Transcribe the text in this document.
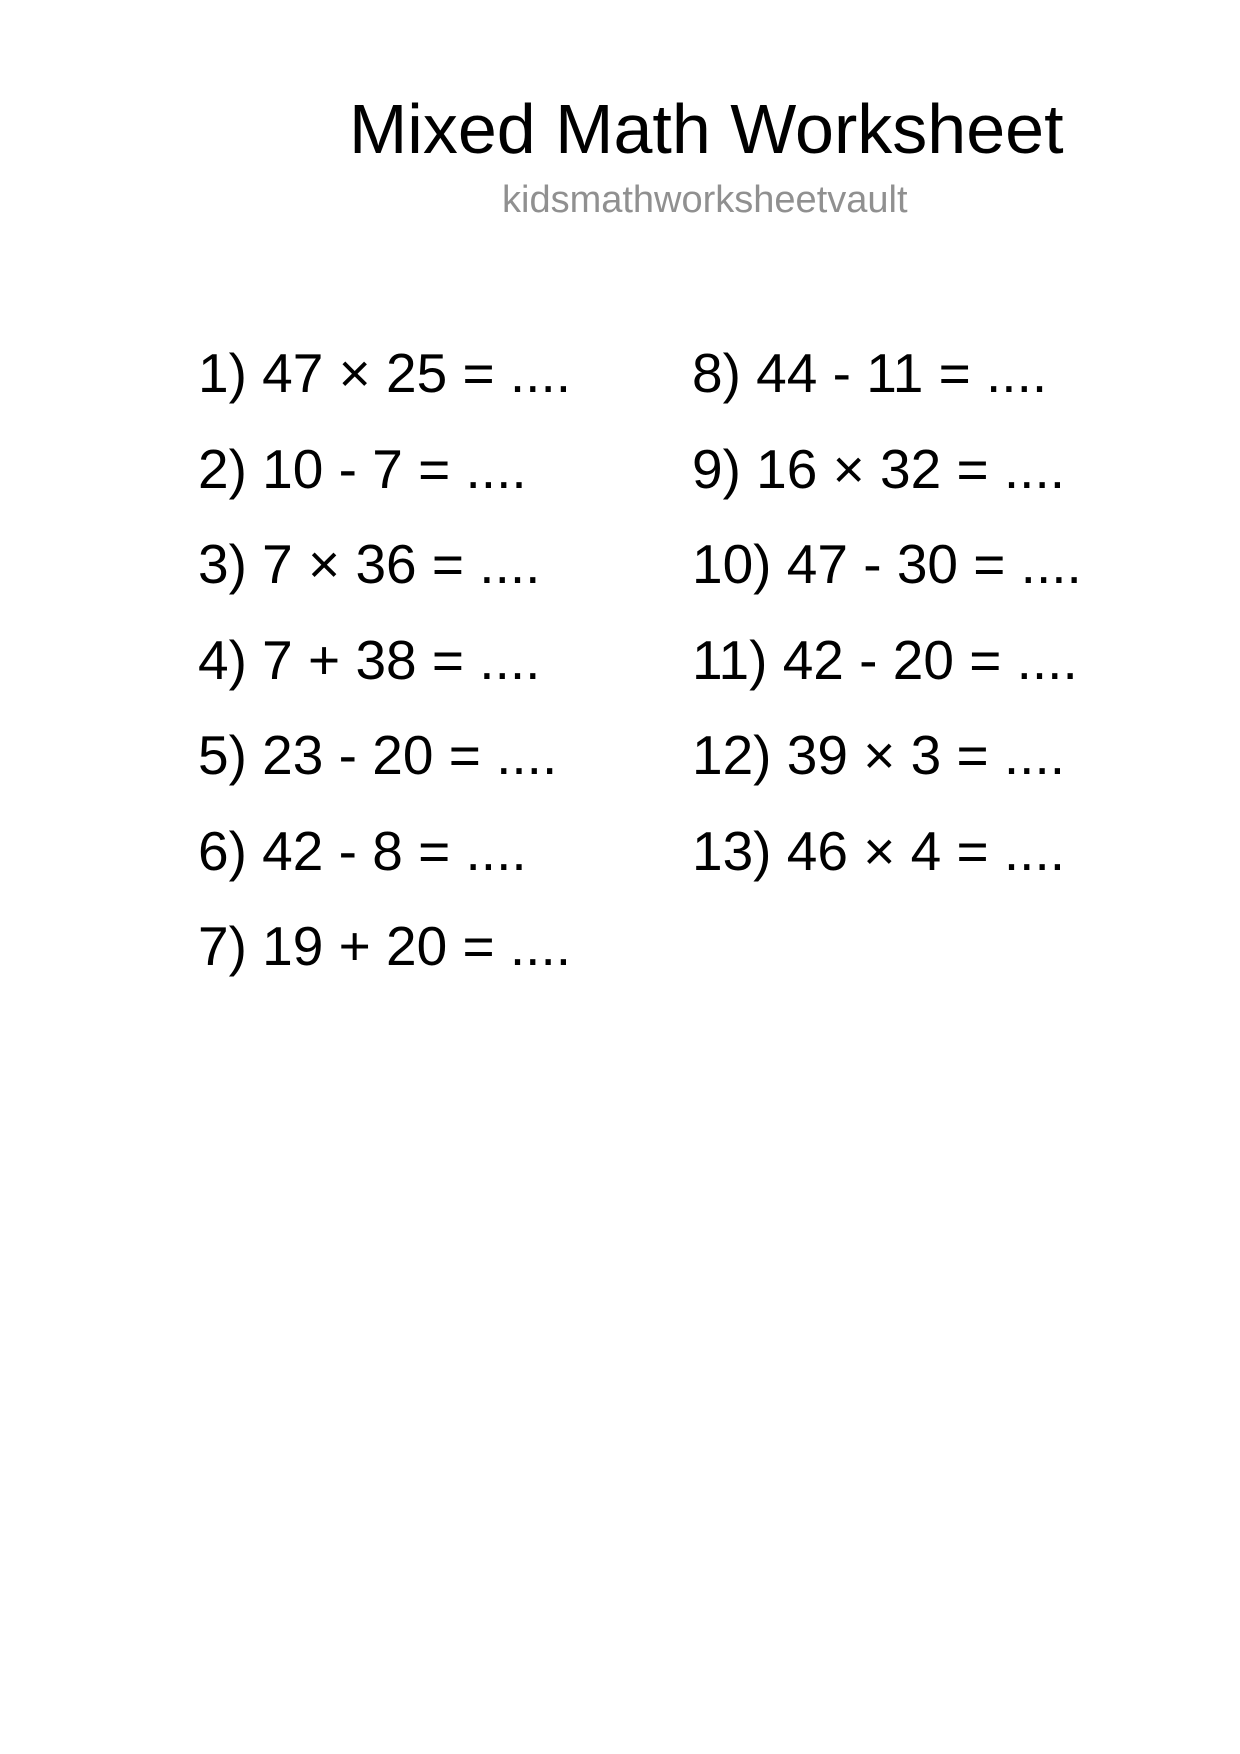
Mixed Math Worksheet
kidsmathworksheetvault
1) 47 × 25 = ....
2) 10 - 7 = ....
3) 7 × 36 = ....
4) 7 + 38 = ....
5) 23 - 20 = ....
6) 42 - 8 = ....
7) 19 + 20 = ....
8) 44 - 11 = ....
9) 16 × 32 = ....
10) 47 - 30 = ....
11) 42 - 20 = ....
12) 39 × 3 = ....
13) 46 × 4 = ....
